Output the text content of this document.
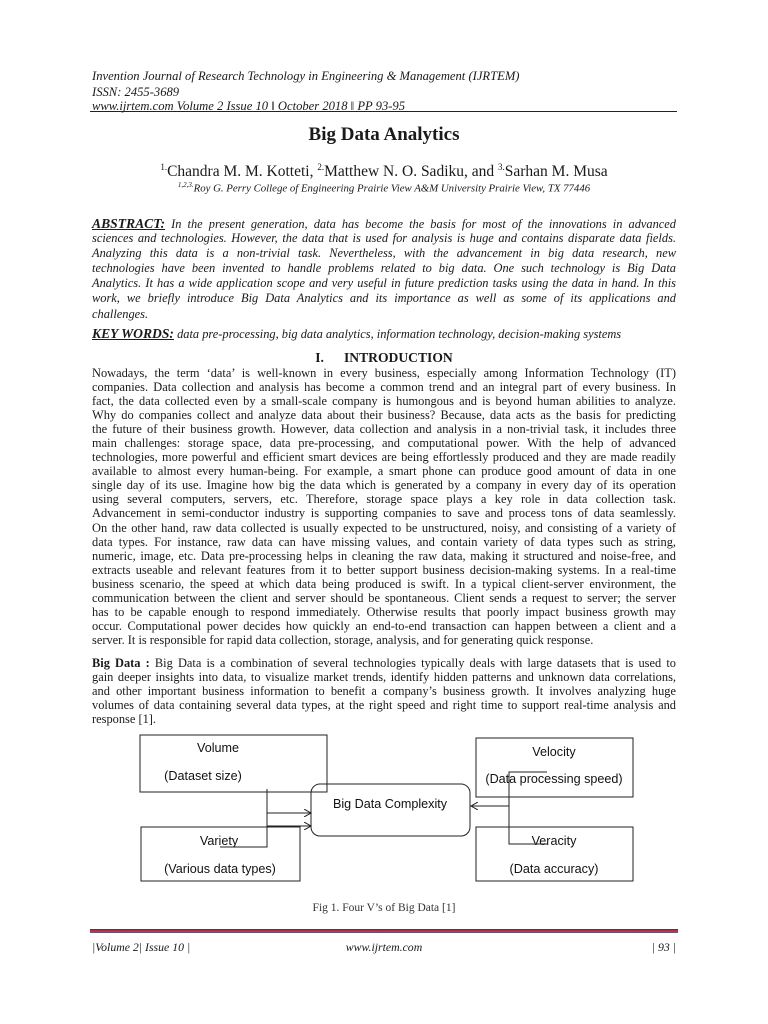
Invention Journal of Research Technology in Engineering & Management (IJRTEM)
ISSN: 2455-3689
www.ijrtem.com Volume 2 Issue 10 ǁ October 2018 ǁ PP 93-95
Big Data Analytics
$^{1.}$Chandra M. M. Kotteti, $^{2.}$Matthew N. O. Sadiku, and $^{3.}$Sarhan M. Musa
$^{1,2,3.}$Roy G. Perry College of Engineering Prairie View A&M University Prairie View, TX 77446
ABSTRACT: In the present generation, data has become the basis for most of the innovations in advanced
sciences and technologies. However, the data that is used for analysis is huge and contains disparate data fields.
Analyzing this data is a non-trivial task. Nevertheless, with the advancement in big data research, new
technologies have been invented to handle problems related to big data. One such technology is Big Data
Analytics. It has a wide application scope and very useful in future prediction tasks using the data in hand. In this
work, we briefly introduce Big Data Analytics and its importance as well as some of its applications and
challenges.
KEY WORDS: data pre-processing, big data analytics, information technology, decision-making systems
I. INTRODUCTION
Nowadays, the term ‘data’ is well-known in every business, especially among Information Technology (IT)
companies. Data collection and analysis has become a common trend and an integral part of every business. In
fact, the data collected even by a small-scale company is humongous and is beyond human abilities to analyze.
Why do companies collect and analyze data about their business? Because, data acts as the basis for predicting
the future of their business growth. However, data collection and analysis in a non-trivial task, it includes three
main challenges: storage space, data pre-processing, and computational power. With the help of advanced
technologies, more powerful and efficient smart devices are being effortlessly produced and they are made readily
available to almost every human-being. For example, a smart phone can produce good amount of data in one
single day of its use. Imagine how big the data which is generated by a company in every day of its operation
using several computers, servers, etc. Therefore, storage space plays a key role in data collection task.
Advancement in semi-conductor industry is supporting companies to save and process tons of data seamlessly.
On the other hand, raw data collected is usually expected to be unstructured, noisy, and consisting of a variety of
data types. For instance, raw data can have missing values, and contain variety of data types such as string,
numeric, image, etc. Data pre-processing helps in cleaning the raw data, making it structured and noise-free, and
extracts useable and relevant features from it to better support business decision-making systems. In a real-time
business scenario, the speed at which data being produced is swift. In a typical client-server environment, the
communication between the client and server should be spontaneous. Client sends a request to server; the server
has to be capable enough to respond immediately. Otherwise results that poorly impact business growth may
occur. Computational power decides how quickly an end-to-end transaction can happen between a client and a
server. It is responsible for rapid data collection, storage, analysis, and for generating quick response.
Big Data : Big Data is a combination of several technologies typically deals with large datasets that is used to
gain deeper insights into data, to visualize market trends, identify hidden patterns and unknown data correlations,
and other important business information to benefit a company’s business growth. It involves analyzing huge
volumes of data containing several data types, at the right speed and right time to support real-time analysis and
response [1].
Volume
(Dataset size)
Velocity
(Data processing speed)
Variety
(Various data types)
Veracity
(Data accuracy)
Big Data Complexity
Fig 1. Four V’s of Big Data [1]
|Volume 2| Issue 10 |	www.ijrtem.com	| 93 |
